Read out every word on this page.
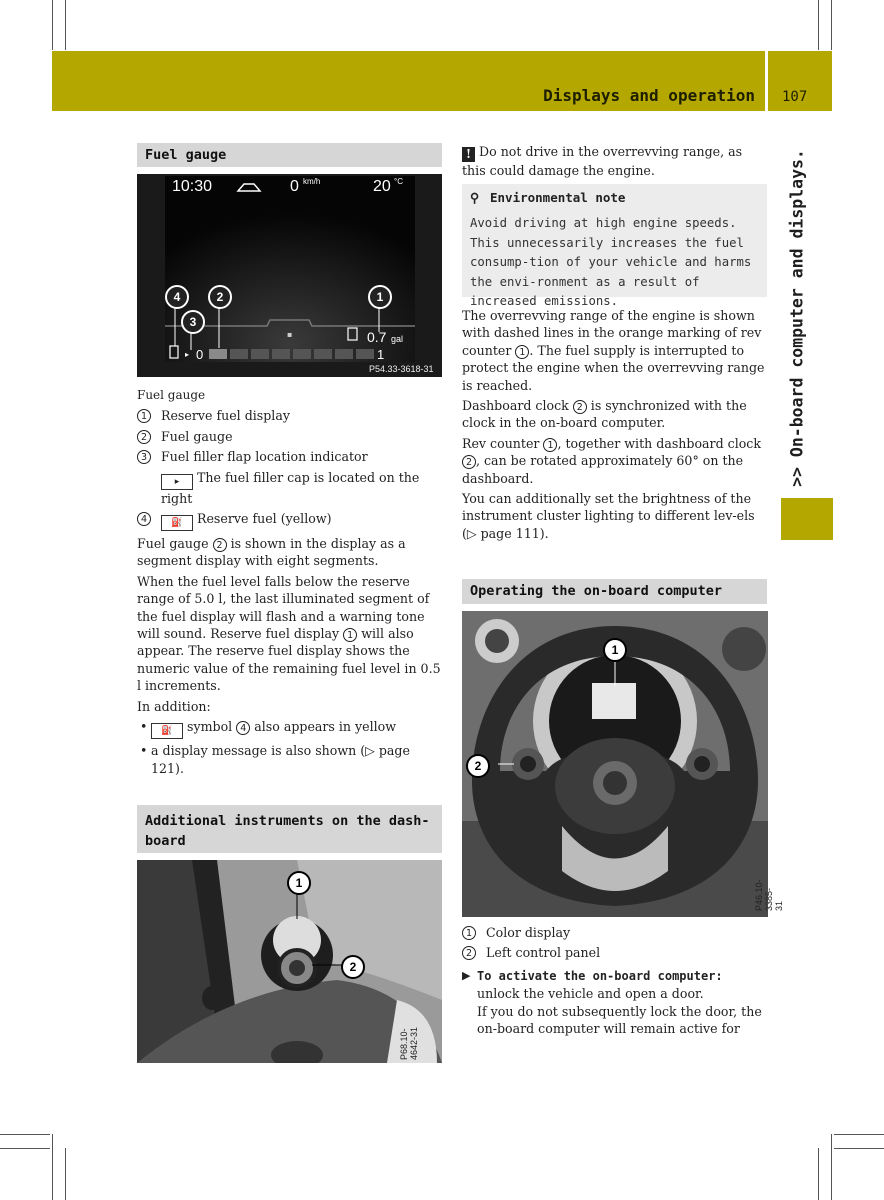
Displays and operation 107
>> On-board computer and displays.
Fuel gauge
10:30	0 km/h	20 °C
▪	0.7 gal
▸ 0	1
4
3
2	1
P54.33-3618-31

Fuel gauge

1	Reserve fuel display
2	Fuel gauge
3	Fuel filler flap location indicator
▸ The fuel filler cap is located on the right
4	⛽ Reserve fuel (yellow)

Fuel gauge 2 is shown in the display as a segment display with eight segments.

When the fuel level falls below the reserve range of 5.0 l, the last illuminated segment of the fuel display will flash and a warning tone will sound. Reserve fuel display 1 will also appear. The reserve fuel display shows the numeric value of the remaining fuel level in 0.5 l increments.

In addition:

• ⛽ symbol 4 also appears in yellow
• a display message is also shown (▷ page 121).
Additional instruments on the dash-board
1
2
P68.10-4642-31
! Do not drive in the overrevving range, as this could damage the engine.
⚲ Environmental note
Avoid driving at high engine speeds. This unnecessarily increases the fuel consump-tion of your vehicle and harms the envi-ronment as a result of increased emissions.

The overrevving range of the engine is shown with dashed lines in the orange marking of rev counter 1 . The fuel supply is interrupted to protect the engine when the overrevving range is reached.

Dashboard clock 2 is synchronized with the clock in the on-board computer.

Rev counter 1 , together with dashboard clock 2 , can be rotated approximately 60° on the dashboard.

You can additionally set the brightness of the instrument cluster lighting to different lev-els (▷ page 111).

Operating the on-board computer
1
2
P46.10-3385-31
1	Color display
2	Left control panel
▶ To activate the on-board computer: unlock the vehicle and open a door.
If you do not subsequently lock the door, the on-board computer will remain active for
